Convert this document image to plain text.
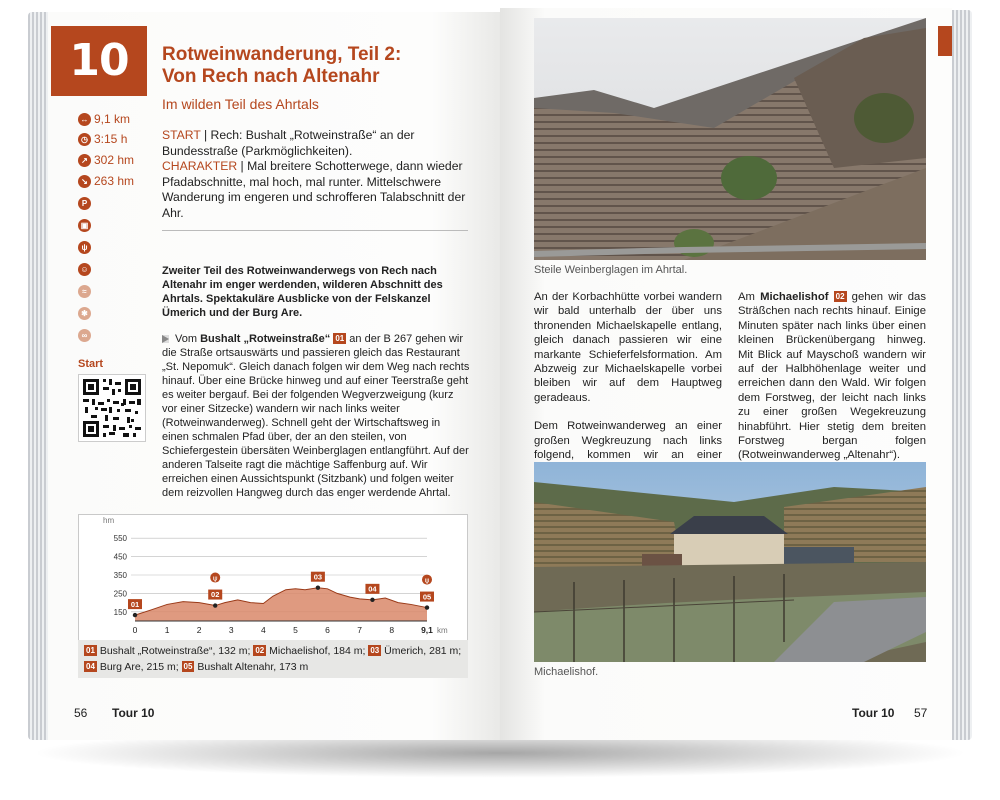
10	Rotweinwanderung, Teil 2:
Von Rech nach Altenahr
Im wilden Teil des Ahrtals
START | Rech: Bushalt „Rotweinstraße“ an der Bundesstraße (Parkmöglichkeiten).
CHARAKTER | Mal breitere Schotterwege, dann wieder Pfadabschnitte, mal hoch, mal runter. Mittelschwere Wanderung im engeren und schrofferen Talabschnitt der Ahr.
↔ 9,1 km
◷ 3:15 h
↗ 302 hm
↘ 263 hm
P
▣
ψ
☺
≈
✱
∞
Start
Zweiter Teil des Rotweinwanderwegs von Rech nach Altenahr im enger werdenden, wilderen Abschnitt des Ahrtals. Spektakuläre Ausblicke von der Felskanzel Ümerich und der Burg Are.
Vom Bushalt „Rotweinstraße“ 01 an der B 267 gehen wir die Straße ortsauswärts und passieren gleich das Restaurant „St. Nepomuk“. Gleich danach folgen wir dem Weg nach rechts hinauf. Über eine Brücke hinweg und auf einer Teerstraße geht es weiter bergauf. Bei der folgenden Wegverzweigung (kurz vor einer Sitzecke) wandern wir nach links weiter (Rotweinwanderweg). Schnell geht der Wirtschaftsweg in einen schmalen Pfad über, der an den steilen, von Schiefergestein übersäten Weinberglagen entlangführt. Auf der anderen Talseite ragt die mächtige Saffenburg auf. Wir erreichen einen Aussichtspunkt (Sitzbank) und folgen weiter dem reizvollen Hangweg durch das enger werdende Ahrtal.
hm
150
250
350
450
550
0	1	2	3	4	5	6	7	8	9,1 km
01
02
03
04
05
ψ	ψ
01 Bushalt „Rotweinstraße“, 132 m; 02 Michaelishof, 184 m; 03 Ümerich, 281 m;
04 Burg Are, 215 m; 05 Bushalt Altenahr, 173 m
56 Tour 10
Steile Weinberglagen im Ahrtal.
An der Korbachhütte vorbei wandern wir bald unterhalb der über uns thronenden Michaelskapelle entlang, gleich danach passieren wir eine markante Schieferfelsformation. Am Abzweig zur Michaelskapelle vorbei bleiben wir auf dem Hauptweg geradeaus.
Dem Rotweinwanderweg an einer großen Wegkreuzung nach links folgend, kommen wir an einer
Am Michaelishof 02 gehen wir das Sträßchen nach rechts hinauf. Einige Minuten später nach links über einen kleinen Brückenübergang hinweg. Mit Blick auf Mayschoß wandern wir auf der Halbhöhenlage weiter und erreichen dann den Wald. Wir folgen dem Forstweg, der leicht nach links zu einer großen Wegekreuzung hinabführt. Hier stetig dem breiten Forstweg bergan folgen (Rotweinwanderweg „Altenahr“).
Michaelishof.
Tour 10 57
